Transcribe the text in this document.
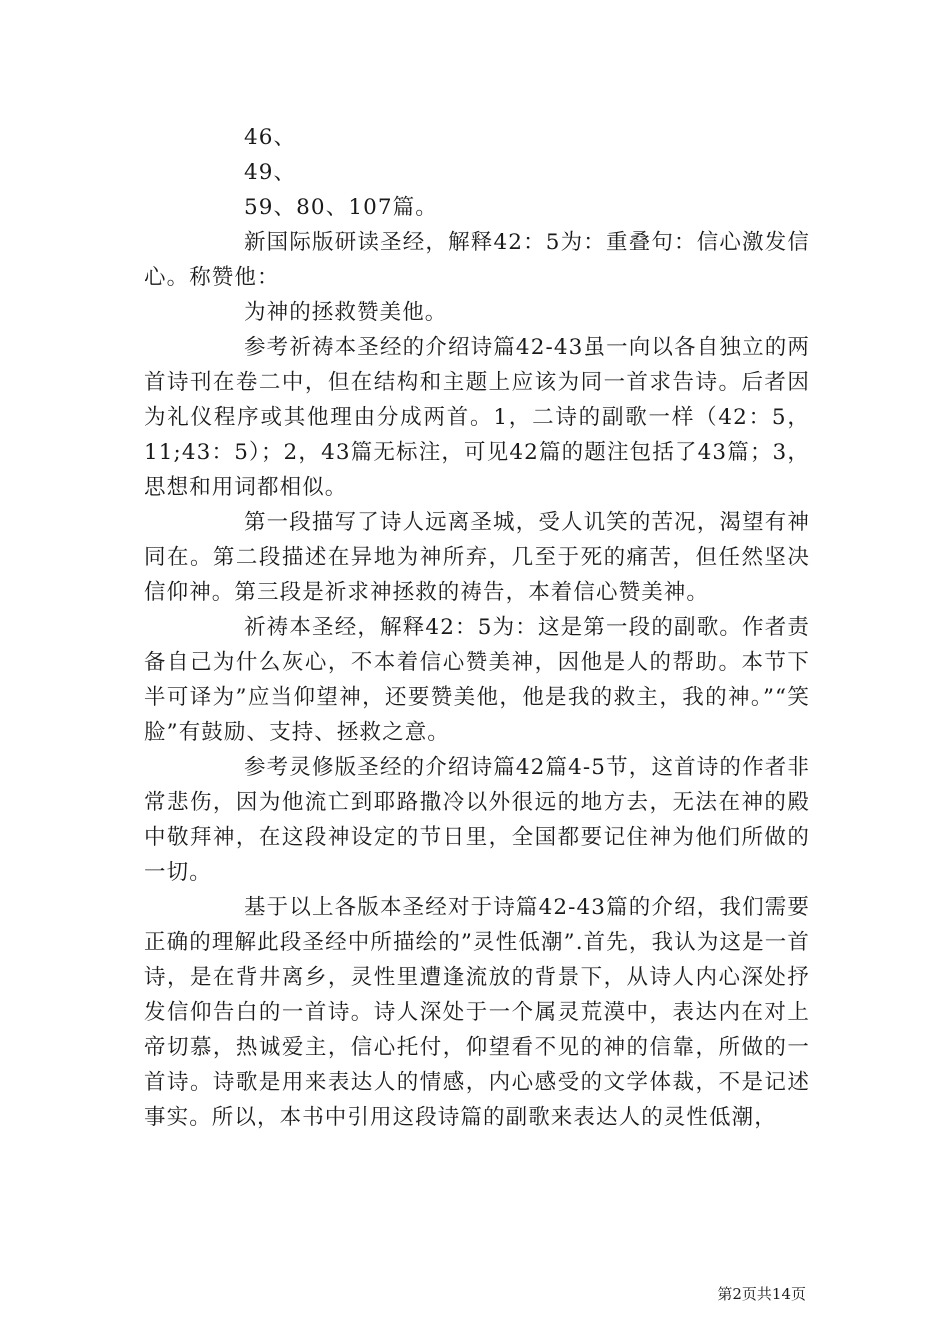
46、

49、

59、80、107篇。

新国际版研读圣经，解释42：5为：重叠句：信心激发信心。称赞他：

为神的拯救赞美他。

参考祈祷本圣经的介绍诗篇42-43虽一向以各自独立的两首诗刊在卷二中，但在结构和主题上应该为同一首求告诗。后者因为礼仪程序或其他理由分成两首。1，二诗的副歌一样（42：5，11;43：5）；2，43篇无标注，可见42篇的题注包括了43篇；3，思想和用词都相似。

第一段描写了诗人远离圣城，受人讥笑的苦况，渴望有神同在。第二段描述在异地为神所弃，几至于死的痛苦，但任然坚决信仰神。第三段是祈求神拯救的祷告，本着信心赞美神。

祈祷本圣经，解释42：5为：这是第一段的副歌。作者责备自己为什么灰心，不本着信心赞美神，因他是人的帮助。本节下半可译为”应当仰望神，还要赞美他，他是我的救主，我的神。”“笑脸”有鼓励、支持、拯救之意。

参考灵修版圣经的介绍诗篇42篇4-5节，这首诗的作者非常悲伤，因为他流亡到耶路撒冷以外很远的地方去，无法在神的殿中敬拜神，在这段神设定的节日里，全国都要记住神为他们所做的一切。

基于以上各版本圣经对于诗篇42-43篇的介绍，我们需要正确的理解此段圣经中所描绘的”灵性低潮”.首先，我认为这是一首诗，是在背井离乡，灵性里遭逢流放的背景下，从诗人内心深处抒发信仰告白的一首诗。诗人深处于一个属灵荒漠中，表达内在对上帝切慕，热诚爱主，信心托付，仰望看不见的神的信靠，所做的一首诗。诗歌是用来表达人的情感，内心感受的文学体裁，不是记述事实。所以，本书中引用这段诗篇的副歌来表达人的灵性低潮，

第2页共14页
